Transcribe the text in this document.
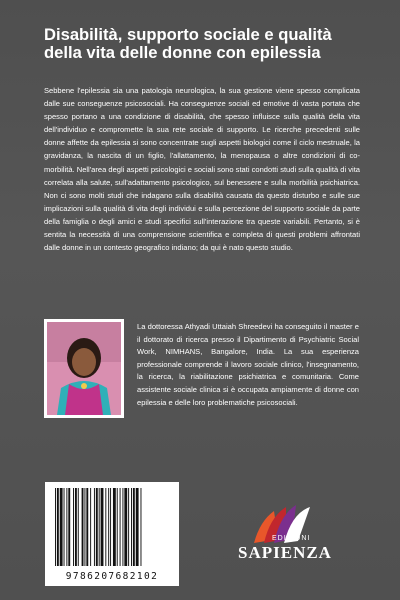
Disabilità, supporto sociale e qualità della vita delle donne con epilessia

Sebbene l'epilessia sia una patologia neurologica, la sua gestione viene spesso complicata dalle sue conseguenze psicosociali. Ha conseguenze sociali ed emotive di vasta portata che spesso portano a una condizione di disabilità, che spesso influisce sulla qualità della vita dell'individuo e compromette la sua rete sociale di supporto. Le ricerche precedenti sulle donne affette da epilessia si sono concentrate sugli aspetti biologici come il ciclo mestruale, la gravidanza, la nascita di un figlio, l'allattamento, la menopausa o altre condizioni di co-morbilità. Nell'area degli aspetti psicologici e sociali sono stati condotti studi sulla qualità di vita correlata alla salute, sull'adattamento psicologico, sul benessere e sulla morbilità psichiatrica. Non ci sono molti studi che indagano sulla disabilità causata da questo disturbo e sulle sue implicazioni sulla qualità di vita degli individui e sulla percezione del supporto sociale da parte della famiglia o degli amici e studi specifici sull'interazione tra queste variabili. Pertanto, si è sentita la necessità di una comprensione scientifica e completa di questi problemi affrontati dalle donne in un contesto geografico indiano; da qui è nato questo studio.

La dottoressa Athyadi Uttaiah Shreedevi ha conseguito il master e il dottorato di ricerca presso il Dipartimento di Psychiatric Social Work, NIMHANS, Bangalore, India. La sua esperienza professionale comprende il lavoro sociale clinico, l'insegnamento, la ricerca, la riabilitazione psichiatrica e comunitaria. Come assistente sociale clinica si è occupata ampiamente di donne con epilessia e delle loro problematiche psicosociali.

9786207682102
EDIZIONI
SAPIENZA
